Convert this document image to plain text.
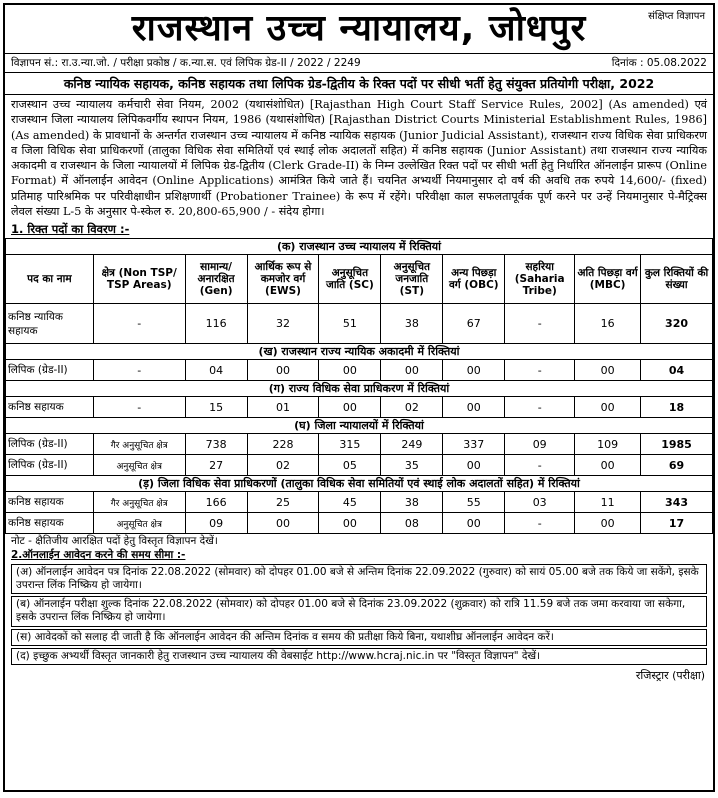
संक्षिप्त विज्ञापन
राजस्थान उच्च न्यायालय, जोधपुर
विज्ञापन सं.: रा.उ.न्या.जो. / परीक्षा प्रकोष्ठ / क.न्या.स. एवं लिपिक ग्रेड-II / 2022 / 2249	दिनांक : 05.08.2022
कनिष्ठ न्यायिक सहायक, कनिष्ठ सहायक तथा लिपिक ग्रेड-द्वितीय के रिक्त पदों पर सीधी भर्ती हेतु संयुक्त प्रतियोगी परीक्षा, 2022
राजस्थान उच्च न्यायालय कर्मचारी सेवा नियम, 2002 (यथासंशोधित) [Rajasthan High Court Staff Service Rules, 2002] (As amended) एवं राजस्थान जिला न्यायालय लिपिकवर्गीय स्थापन नियम, 1986 (यथासंशोधित) [Rajasthan District Courts Ministerial Establishment Rules, 1986] (As amended) के प्रावधानों के अन्तर्गत राजस्थान उच्च न्यायालय में कनिष्ठ न्यायिक सहायक (Junior Judicial Assistant), राजस्थान राज्य विधिक सेवा प्राधिकरण व जिला विधिक सेवा प्राधिकरणों (तालुका विधिक सेवा समितियों एवं स्थाई लोक अदालतों सहित) में कनिष्ठ सहायक (Junior Assistant) तथा राजस्थान राज्य न्यायिक अकादमी व राजस्थान के जिला न्यायालयों में लिपिक ग्रेड-द्वितीय (Clerk Grade-II) के निम्न उल्लेखित रिक्त पदों पर सीधी भर्ती हेतु निर्धारित ऑनलाईन प्रारूप (Online Format) में ऑनलाईन आवेदन (Online Applications) आमंत्रित किये जाते हैं। चयनित अभ्यर्थी नियमानुसार दो वर्ष की अवधि तक रुपये 14,600/- (fixed) प्रतिमाह पारिश्रमिक पर परिवीक्षाधीन प्रशिक्षणार्थी (Probationer Trainee) के रूप में रहेंगे। परिवीक्षा काल सफलतापूर्वक पूर्ण करने पर उन्हें नियमानुसार पे-मैट्रिक्स लेवल संख्या L-5 के अनुसार पे-स्केल रु. 20,800-65,900 / - संदेय होगा।
1. रिक्त पदों का विवरण :-
(क) राजस्थान उच्च न्यायालय में रिक्तियां									
पद का नाम	क्षेत्र (Non TSP/ TSP Areas)	सामान्य/ अनारक्षित (Gen)	आर्थिक रूप से कमजोर वर्ग (EWS)	अनुसूचित जाति (SC)	अनुसूचित जनजाति (ST)	अन्य पिछड़ा वर्ग (OBC)	सहरिया (Saharia Tribe)	अति पिछड़ा वर्ग (MBC)	कुल रिक्तियों की संख्या
कनिष्ठ न्यायिक सहायक	-	116	32	51	38	67	-	16	320
(ख) राजस्थान राज्य न्यायिक अकादमी में रिक्तियां									
लिपिक (ग्रेड-II)	-	04	00	00	00	00	-	00	04
(ग) राज्य विधिक सेवा प्राधिकरण में रिक्तियां									
कनिष्ठ सहायक	-	15	01	00	02	00	-	00	18
(घ) जिला न्यायालयों में रिक्तियां									
लिपिक (ग्रेड-II)	गैर अनुसूचित क्षेत्र	738	228	315	249	337	09	109	1985
लिपिक (ग्रेड-II)	अनुसूचित क्षेत्र	27	02	05	35	00	-	00	69
(ड़) जिला विधिक सेवा प्राधिकरणों (तालुका विधिक सेवा समितियों एवं स्थाई लोक अदालतों सहित) में रिक्तियां									
कनिष्ठ सहायक	गैर अनुसूचित क्षेत्र	166	25	45	38	55	03	11	343
कनिष्ठ सहायक	अनुसूचित क्षेत्र	09	00	00	08	00	-	00	17
नोट - क्षैतिजीय आरक्षित पदों हेतु विस्तृत विज्ञापन देखें।
2.ऑनलाईन आवेदन करने की समय सीमा :-
(अ) ऑनलाईन आवेदन पत्र दिनांक 22.08.2022 (सोमवार) को दोपहर 01.00 बजे से अन्तिम दिनांक 22.09.2022 (गुरुवार) को सायं 05.00 बजे तक किये जा सकेंगे, इसके उपरान्त लिंक निष्क्रिय हो जायेगा।
(ब) ऑनलाईन परीक्षा शुल्क दिनांक 22.08.2022 (सोमवार) को दोपहर 01.00 बजे से दिनांक 23.09.2022 (शुक्रवार) को रात्रि 11.59 बजे तक जमा करवाया जा सकेगा, इसके उपरान्त लिंक निष्क्रिय हो जायेगा।
(स) आवेदकों को सलाह दी जाती है कि ऑनलाईन आवेदन की अन्तिम दिनांक व समय की प्रतीक्षा किये बिना, यथाशीघ्र ऑनलाईन आवेदन करें।
(द) इच्छुक अभ्यर्थी विस्तृत जानकारी हेतु राजस्थान उच्च न्यायालय की वेबसाईट http://www.hcraj.nic.in पर "विस्तृत विज्ञापन" देखें।
रजिस्ट्रार (परीक्षा)
